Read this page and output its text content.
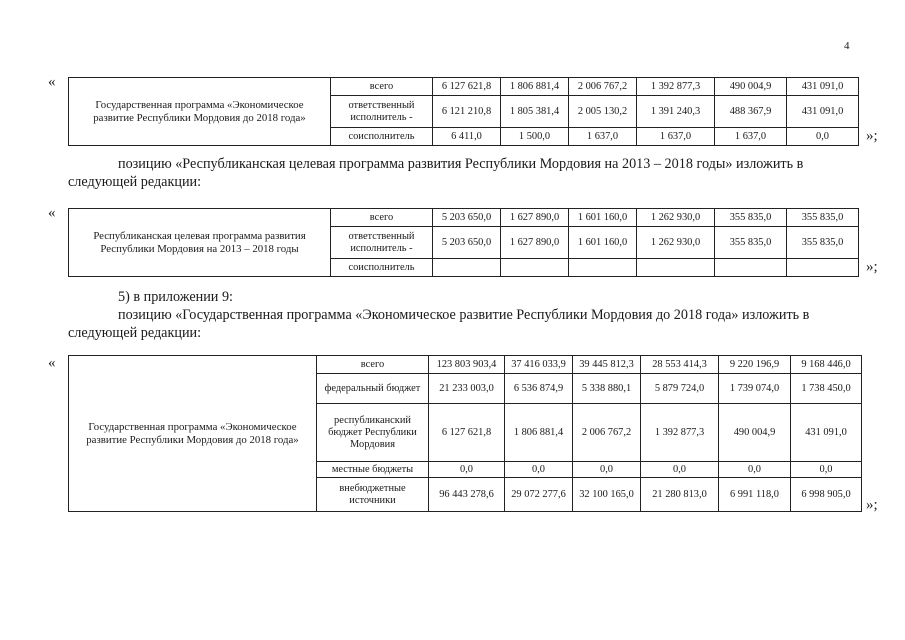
4
«
Государственная программа «Экономическое развитие Республики Мордовия до 2018 года»	всего	6 127 621,8	1 806 881,4	2 006 767,2	1 392 877,3	490 004,9	431 091,0
	ответственный исполнитель -	6 121 210,8	1 805 381,4	2 005 130,2	1 391 240,3	488 367,9	431 091,0
	соисполнитель	6 411,0	1 500,0	1 637,0	1 637,0	1 637,0	0,0 »;
позицию «Республиканская целевая программа развития Республики Мордовия на 2013 – 2018 годы» изложить в следующей редакции:
«
Республиканская целевая программа развития Республики Мордовия на 2013 – 2018 годы	всего	5 203 650,0	1 627 890,0	1 601 160,0	1 262 930,0	355 835,0	355 835,0
	ответственный исполнитель -	5 203 650,0	1 627 890,0	1 601 160,0	1 262 930,0	355 835,0	355 835,0
	соисполнитель							»;
5) в приложении 9:
позицию «Государственная программа «Экономическое развитие Республики Мордовия до 2018 года» изложить в следующей редакции:
«
Государственная программа «Экономическое развитие Республики Мордовия до 2018 года»	всего	123 803 903,4	37 416 033,9	39 445 812,3	28 553 414,3	9 220 196,9	9 168 446,0
	федеральный бюджет	21 233 003,0	6 536 874,9	5 338 880,1	5 879 724,0	1 739 074,0	1 738 450,0
	республиканский бюджет Республики Мордовия	6 127 621,8	1 806 881,4	2 006 767,2	1 392 877,3	490 004,9	431 091,0
	местные бюджеты	0,0	0,0	0,0	0,0	0,0	0,0
	внебюджетные источники	96 443 278,6	29 072 277,6	32 100 165,0	21 280 813,0	6 991 118,0	6 998 905,0
»;
